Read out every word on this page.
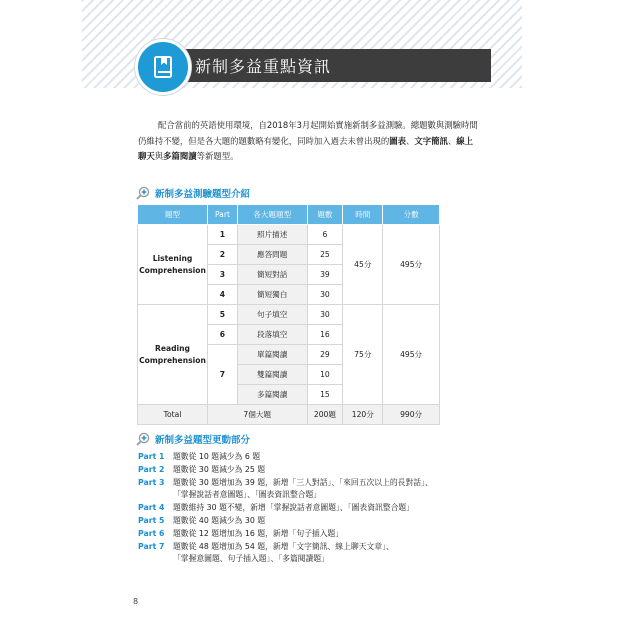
新制多益重點資訊
配合當前的英語使用環境，自2018年3月起開始實施新制多益測驗。總題數與測驗時間
仍維持不變，但是各大題的題數略有變化，同時加入過去未曾出現的圖表、文字簡訊、線上
聊天與多篇閱讀等新題型。
新制多益測驗題型介紹
題型	Part	各大題題型	題數	時間	分數
Listening Comprehension	1	照片描述	6	45分	495分
	2	應答問題	25		
	3	簡短對話	39		
	4	簡短獨白	30		
Reading Comprehension	5	句子填空	30	75分	495分
	6	段落填空	16		
	7	單篇閱讀	29		
		雙篇閱讀	10		
		多篇閱讀	15		
Total	7個大題		200題	120分	990分
新制多益題型更動部分
Part 1	題數從 10 題減少為 6 題
Part 2	題數從 30 題減少為 25 題
Part 3	題數從 30 題增加為 39 題，新增「三人對話」、「來回五次以上的長對話」、
「掌握說話者意圖題」、「圖表資訊整合題」
Part 4	題數維持 30 題不變，新增「掌握說話者意圖題」、「圖表資訊整合題」
Part 5	題數從 40 題減少為 30 題
Part 6	題數從 12 題增加為 16 題，新增「句子插入題」
Part 7	題數從 48 題增加為 54 題，新增「文字簡訊、線上聊天文章」、
「掌握意圖題、句子插入題」、「多篇閱讀題」
8
